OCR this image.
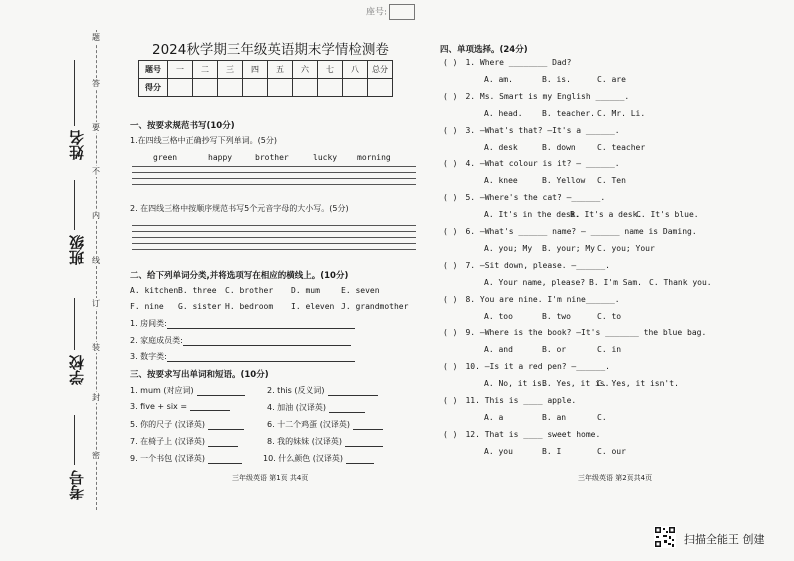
座号:
考号
学校
班级
姓名
题
答
要
不
内
线
订
装
封
密
2024秋学期三年级英语期末学情检测卷
题号	一	二	三	四	五	六	七	八	总分
得分									
一、按要求规范书写(10分)
1.在四线三格中正确抄写下列单词。(5分)
green	happy	brother	lucky morning
2. 在四线三格中按顺序规范书写5个元音字母的大小写。(5分)
二、给下列单词分类,并将选项写在相应的横线上。(10分)
A. kitchenB. three C. brother D. mum	E. seven
F. nine G. sister H. bedroom I. eleven J. grandmother
1. 房间类:
2. 家庭成员类:
3. 数字类:
三、按要求写出单词和短语。(10分)
1. mum (对应词)	2. this (反义词)
3. five + six =	4. 加油 (汉译英)
5. 你的尺子 (汉译英)	6. 十二个鸡蛋 (汉译英)
7. 在椅子上 (汉译英)	8. 我的妹妹 (汉译英)
9. 一个书包 (汉译英)	10. 什么颜色 (汉译英)
三年级英语 第1页 共4页
四、单项选择。(24分)
( ) 1. Where ________ Dad?
A. am.	B. is.	C. are
( ) 2. Ms. Smart is my English ______.
A. head. B. teacher. C. Mr. Li.
( ) 3. —What's that? —It's a ______.
A. desk	B. down	C. teacher
( ) 4. —What colour is it? — ______.
A. knee	B. Yellow C. Ten
( ) 5. —Where's the cat? —______.
A. It's in the desk.
B. It's a desk.
C. It's blue.
( ) 6. —What's ______ name? — ______ name is Daming.
A. you; My B. your; My C. you; Your
( ) 7. —Sit down, please. —______.
A. Your name, please? B. I'm Sam. C. Thank you.
( ) 8. You are nine. I'm nine______.
A. too	B. two	C. to
( ) 9. —Where is the book? —It's _______ the blue bag.
A. and	B. or	C. in
( ) 10. —Is it a red pen? —______.
A. No, it is.
B. Yes, it is.
C. Yes, it isn't.
( ) 11. This is ____ apple.
A. a	B. an	C.
( ) 12. That is ____ sweet home.
A. you	B. I	C. our
三年级英语 第2页共4页
扫描全能王 创建
